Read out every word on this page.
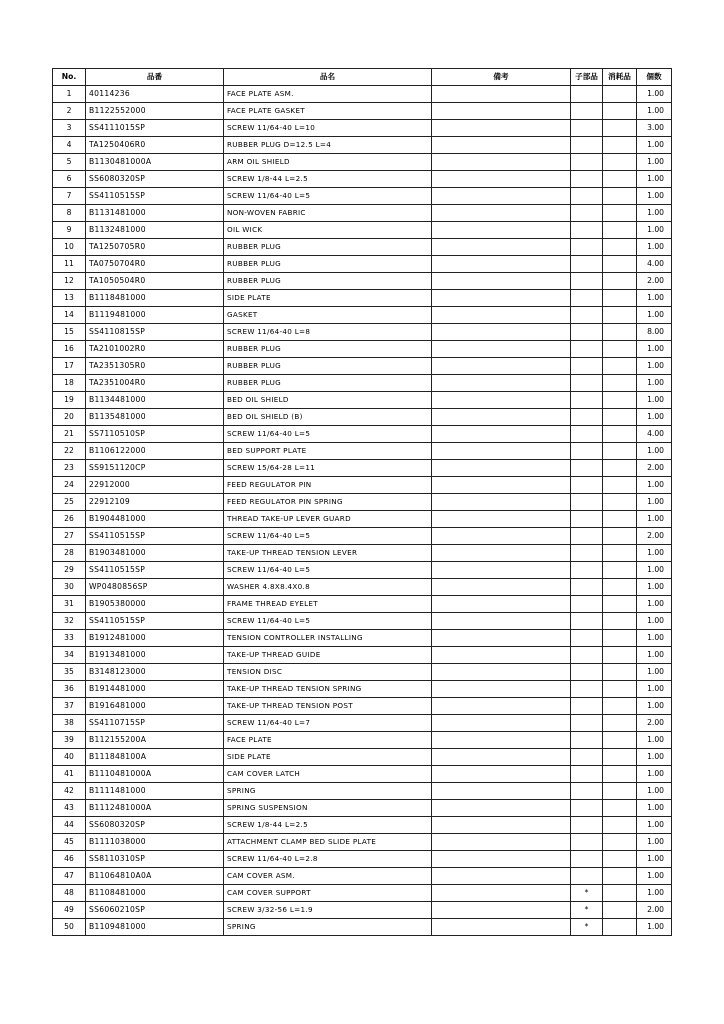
No.	品番	品名	備考	子部品	消耗品	個数
1	40114236	FACE PLATE ASM.				1.00
2	B1122552000	FACE PLATE GASKET				1.00
3	SS4111015SP	SCREW 11/64-40 L=10				3.00
4	TA1250406R0	RUBBER PLUG D=12.5 L=4				1.00
5	B1130481000A	ARM OIL SHIELD				1.00
6	SS6080320SP	SCREW 1/8-44 L=2.5				1.00
7	SS4110515SP	SCREW 11/64-40 L=5				1.00
8	B1131481000	NON-WOVEN FABRIC				1.00
9	B1132481000	OIL WICK				1.00
10	TA1250705R0	RUBBER PLUG				1.00
11	TA0750704R0	RUBBER PLUG				4.00
12	TA1050504R0	RUBBER PLUG				2.00
13	B1118481000	SIDE PLATE				1.00
14	B1119481000	GASKET				1.00
15	SS4110815SP	SCREW 11/64-40 L=8				8.00
16	TA2101002R0	RUBBER PLUG				1.00
17	TA2351305R0	RUBBER PLUG				1.00
18	TA2351004R0	RUBBER PLUG				1.00
19	B1134481000	BED OIL SHIELD				1.00
20	B1135481000	BED OIL SHIELD (B)				1.00
21	SS7110510SP	SCREW 11/64-40 L=5				4.00
22	B1106122000	BED SUPPORT PLATE				1.00
23	SS9151120CP	SCREW 15/64-28 L=11				2.00
24	22912000	FEED REGULATOR PIN				1.00
25	22912109	FEED REGULATOR PIN SPRING				1.00
26	B1904481000	THREAD TAKE-UP LEVER GUARD				1.00
27	SS4110515SP	SCREW 11/64-40 L=5				2.00
28	B1903481000	TAKE-UP THREAD TENSION LEVER				1.00
29	SS4110515SP	SCREW 11/64-40 L=5				1.00
30	WP0480856SP	WASHER 4.8X8.4X0.8				1.00
31	B1905380000	FRAME THREAD EYELET				1.00
32	SS4110515SP	SCREW 11/64-40 L=5				1.00
33	B1912481000	TENSION CONTROLLER INSTALLING				1.00
34	B1913481000	TAKE-UP THREAD GUIDE				1.00
35	B3148123000	TENSION DISC				1.00
36	B1914481000	TAKE-UP THREAD TENSION SPRING				1.00
37	B1916481000	TAKE-UP THREAD TENSION POST				1.00
38	SS4110715SP	SCREW 11/64-40 L=7				2.00
39	B112155200A	FACE PLATE				1.00
40	B111848100A	SIDE PLATE				1.00
41	B1110481000A	CAM COVER LATCH				1.00
42	B1111481000	SPRING				1.00
43	B1112481000A	SPRING SUSPENSION				1.00
44	SS6080320SP	SCREW 1/8-44 L=2.5				1.00
45	B1111038000	ATTACHMENT CLAMP BED SLIDE PLATE				1.00
46	SS8110310SP	SCREW 11/64-40 L=2.8				1.00
47	B11064810A0A	CAM COVER ASM.				1.00
48	B1108481000	CAM COVER SUPPORT		*		1.00
49	SS6060210SP	SCREW 3/32-56 L=1.9		*		2.00
50	B1109481000	SPRING		*		1.00
